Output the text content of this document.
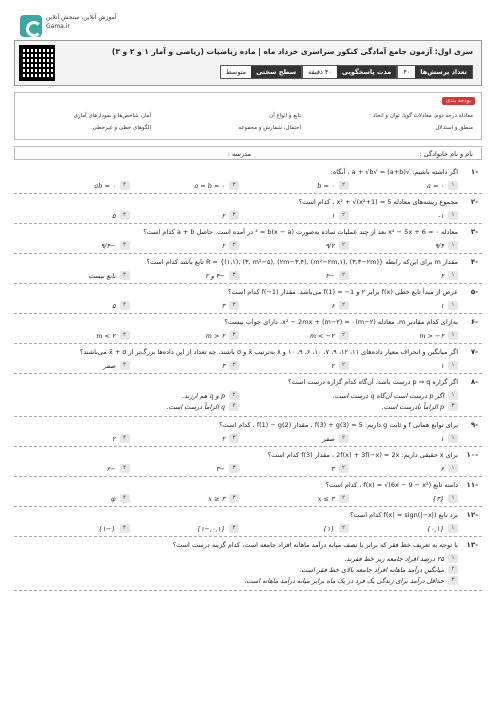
آموزش آنلاین، سنجش آنلاین
Gama.ir
سری اول: آزمون جامع آمادگی کنکور سراسری خرداد ماه | ماده ریاضیات (ریاضی و آمار ۱ و ۲ و ۳)
تعداد پرسش‌ها
۴۰
مدت پاسخگویی
۴۰ دقیقه
سطح سختی
متوسط
بودجه بندی
معادله درجه دوم، معادلات گویا، توان و اتحاد
تابع و انواع آن
آمار، شاخص‌ها و نمودارهای آماری
منطق و استدلال
احتمال، شمارش و مجموعه
الگوهای خطی و غیرخطی
نام و نام خانوادگی :
مدرسه :
۱-
اگر داشته باشیم: √(a+b) = √a + √b ، آنگاه:
۱
a = ۰
۲
b = ۰
۳
a = b = ۰
۴
ab = ۰
۲-
مجموع ریشه‌های معادله x² + √(x²+1) = 5 ، کدام است؟
۱
۱-
۲
۱
۳
۲
۴
۵
۳-
معادله x² − 5x + 6 = ۰ بعد از چند عملیات ساده به‌صورت (x − a)² = b در آمده است. حاصل a + b کدام است؟
۱
۹/۴
۲
۹/۲
۳
۲
۴
−۹/۴
۴-
مقدار m برای این‌که رابطه R = {(۱,۱), (۳, m²−۵), (۲m−۳,۴), (m²−۲m,۱), (۳,۳−۲m)} تابع باشد کدام است؟
۱
۲
۲
−۲
۳
−۴ و ۲
۴
تابع نیست
۵-
عرض از مبدأ تابع خطی f(x) برابر ۲ و f(1) = −1 می‌باشد. مقدار f(−1) کدام است؟
۱
۱
۲
۶
۳
۳
۴
۵
۶-
به‌ازای کدام مقادیر m، معادله (m−۲)x² − 2mx + (m−۲) = ۰، دارای جواب نیست؟
۱
m > −۲
۲
m < −۲
۳
m > ۲
۴
m < ۲
۷-
اگر میانگین و انحراف معیار داده‌های ۱۱، ۱۲، ۹، ۷، ۱۰، ۶، ۹، ۱۰ و ۸ به‌ترتیب x̄ و σ باشند، چه تعداد از این داده‌ها بزرگ‌تر از x̄ + σ می‌باشند؟
۱
۱
۲
۲
۳
۳
۴
صفر
۸-
اگر گزاره p ⇒ q درست باشد، آن‌گاه کدام گزاره درست است؟
۱
اگر p درست است آن‌گاه q درست است.
۲
p و q هم ارزند.
۳
p الزاماً نادرست است.
۴
q الزاماً درست است.
۹-
برای توابع همانی f و ثابت g داریم: f(3) + g(3) = 5 ، مقدار f(1) − g(2) ، کدام است؟
۱
۱
۲
صفر
۳
۲
۴
۲
۱۰-
برای x حقیقی داریم: 2f(x) + 3f(−x) = 2x ، مقدار f(3) کدام است؟
۱
۶
۲
۳
۳
−۳
۴
−۶
۱۱-
دامنه تابع f(x) = √(6x − 9 − x²) ، کدام است؟
۱
{۳}
۲
x ≤ ۳
۳
x ≥ ۳
۴
φ
۱۲-
برد تابع f(x) = sign(|−x|) کدام است؟
۱
{۰,۱}
۲
{۱}
۳
{۰,۱,−۱}
۴
{−۱}
۱۳-
با توجه به تعریف خط فقر که برابر با نصف میانه درآمد ماهانه افراد جامعه است، کدام گزینه درست است؟
۱
۲۵ درصد افراد جامعه زیر خط فقرند.
۲
میانگین درآمد ماهانه افراد جامعه بالای خط فقر است.
۳
حداقل درآمد برای زندگی یک فرد در یک ماه برابر میانه درآمد ماهانه است.
